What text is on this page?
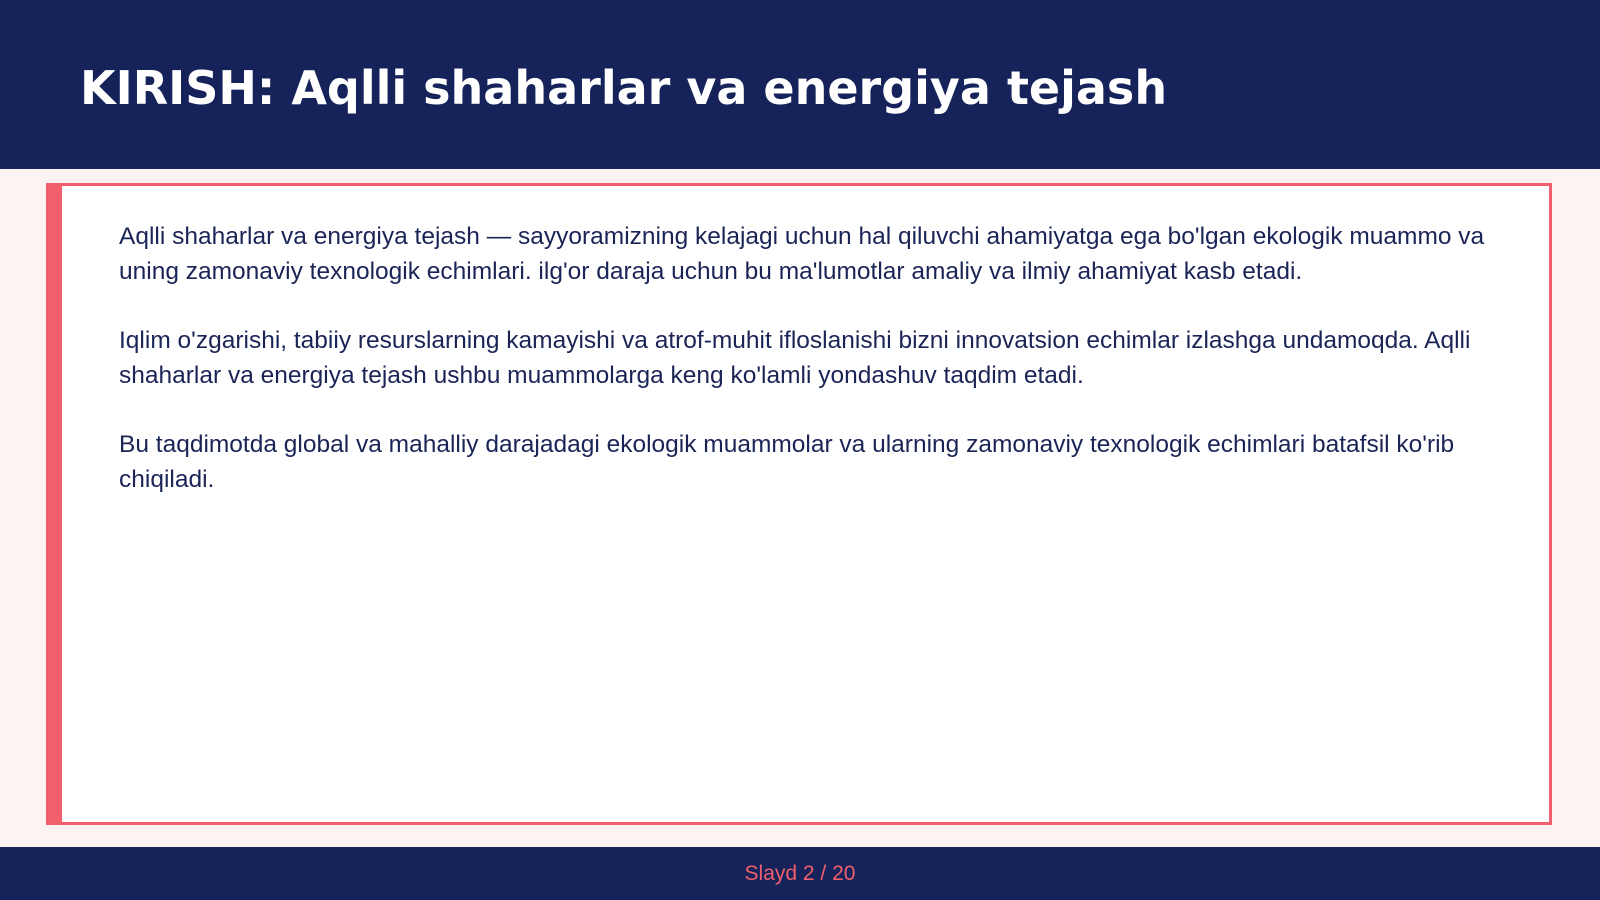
KIRISH: Aqlli shaharlar va energiya tejash

Aqlli shaharlar va energiya tejash — sayyoramizning kelajagi uchun hal qiluvchi ahamiyatga ega bo'lgan ekologik muammo va uning zamonaviy texnologik echimlari. ilg'or daraja uchun bu ma'lumotlar amaliy va ilmiy ahamiyat kasb etadi.

Iqlim o'zgarishi, tabiiy resurslarning kamayishi va atrof-muhit ifloslanishi bizni innovatsion echimlar izlashga undamoqda. Aqlli shaharlar va energiya tejash ushbu muammolarga keng ko'lamli yondashuv taqdim etadi.

Bu taqdimotda global va mahalliy darajadagi ekologik muammolar va ularning zamonaviy texnologik echimlari batafsil ko'rib chiqiladi.

Slayd 2 / 20
